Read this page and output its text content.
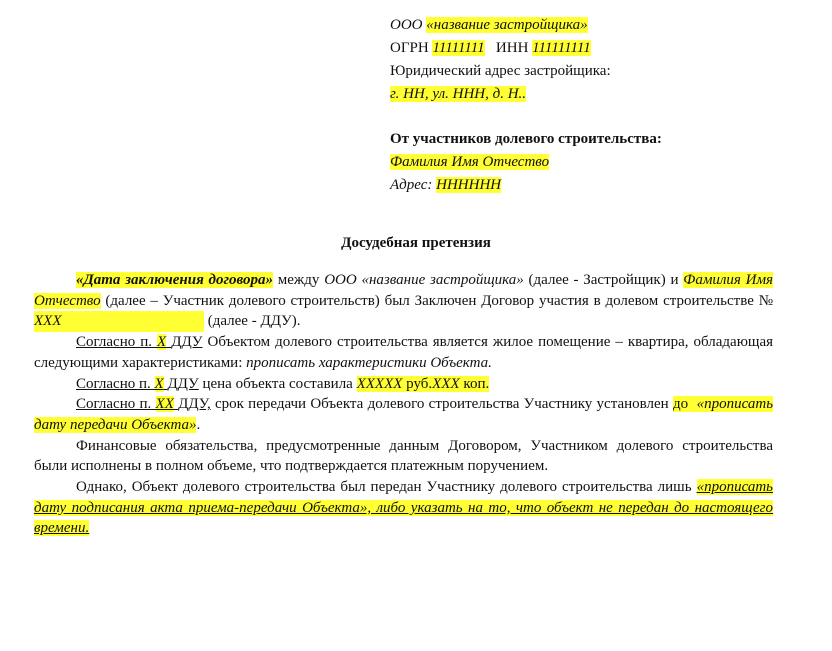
ООО «название застройщика»
ОГРН 11111111 ИНН 111111111
Юридический адрес застройщика:
г. НН, ул. ННН, д. Н..
От участников долевого строительства:
Фамилия Имя Отчество
Адрес: НННННН
Досудебная претензия

«Дата заключения договора» между ООО «название застройщика» (далее - Застройщик) и Фамилия Имя Отчество (далее – Участник долевого строительств) был Заключен Договор участия в долевом строительстве № ХХХ	(далее - ДДУ).

Согласно п. Х ДДУ Объектом долевого строительства является жилое помещение – квартира, обладающая следующими характеристиками: прописать характеристики Объекта.

Согласно п. Х ДДУ цена объекта составила ХХХХХ руб.ХХХ коп.

Согласно п. ХХ ДДУ, срок передачи Объекта долевого строительства Участнику установлен до «прописать дату передачи Объекта».

Финансовые обязательства, предусмотренные данным Договором, Участником долевого строительства были исполнены в полном объеме, что подтверждается платежным поручением.

Однако, Объект долевого строительства был передан Участнику долевого строительства лишь «прописать дату подписания акта приема-передачи Объекта», либо указать на то, что объект не передан до настоящего времени.
